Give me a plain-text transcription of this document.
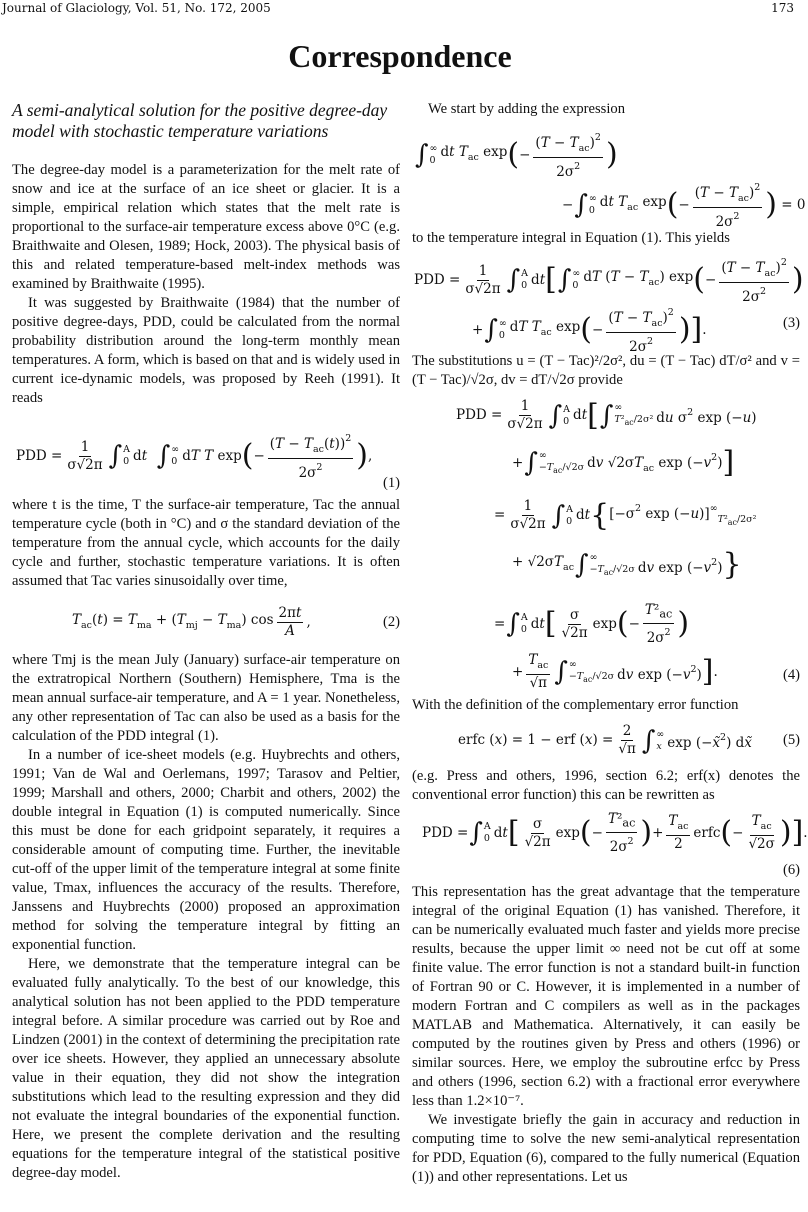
Journal of Glaciology, Vol. 51, No. 172, 2005	173
Correspondence
A semi-analytical solution for the positive degree-day model with stochastic temperature variations

The degree-day model is a parameterization for the melt rate of snow and ice at the surface of an ice sheet or glacier. It is a simple, empirical relation which states that the melt rate is proportional to the surface-air temperature excess above 0°C (e.g. Braithwaite and Olesen, 1989; Hock, 2003). The physical basis of this and related temperature-based melt-index methods was examined by Braithwaite (1995).

It was suggested by Braithwaite (1984) that the number of positive degree-days, PDD, could be calculated from the normal probability distribution around the long-term monthly mean temperatures. A form, which is based on that and is widely used in current ice-dynamic models, was proposed by Reeh (1991). It reads

PDD = $\frac{1}{\sigma√2\pi}$ ∫ A
0 dt ∫ ∞
0 dT T exp ( − $\frac{(T - T_{ac}(t))^2}{2\sigma^2}$ ) ,
(1)

where t is the time, T the surface-air temperature, Tac the annual temperature cycle (both in °C) and σ the standard deviation of the temperature from the annual cycle, which accounts for the daily cycle and further, stochastic temperature variations. It is often assumed that Tac varies sinusoidally over time,

$T_{ac}(t) = T_{ma} + (T_{mj} - T_{ma})$ $\cos \frac{2\pi t}{A}$ ,	(2)

where Tmj is the mean July (January) surface-air temperature on the extratropical Northern (Southern) Hemisphere, Tma is the mean annual surface-air temperature, and A = 1 year. Nonetheless, any other representation of Tac can also be used as a basis for the calculation of the PDD integral (1).

In a number of ice-sheet models (e.g. Huybrechts and others, 1991; Van de Wal and Oerlemans, 1997; Tarasov and Peltier, 1999; Marshall and others, 2000; Charbit and others, 2002) the double integral in Equation (1) is computed numerically. Since this must be done for each gridpoint separately, it requires a considerable amount of computing time. Further, the inevitable cut-off of the upper limit of the temperature integral at some finite value, Tmax, influences the accuracy of the results. Therefore, Janssens and Huybrechts (2000) proposed an approximation method for solving the temperature integral by fitting an exponential function.

Here, we demonstrate that the temperature integral can be evaluated fully analytically. To the best of our knowledge, this analytical solution has not been applied to the PDD temperature integral before. A similar procedure was carried out by Roe and Lindzen (2001) in the context of determining the precipitation rate over ice sheets. However, they applied an unnecessary absolute value in their equation, they did not show the integration substitutions which lead to the resulting expression and they did not evaluate the integral boundaries of the exponential function. Here, we present the complete derivation and the resulting equations for the temperature integral of the statistical positive degree-day model.

We start by adding the expression

∫ ∞
0
dt $T_{ac}$ exp ( − $\frac{(T - T_{ac})^2}{2\sigma^2}$ )
− ∫ ∞
0
dt $T_{ac}$ exp ( − $\frac{(T - T_{ac})^2}{2\sigma^2}$ ) = 0

to the temperature integral in Equation (1). This yields

PDD = $\frac{1}{\sigma√2\pi}$ ∫ A
0 dt [ ∫ ∞
0
dT $(T - T_{ac})$ exp ( − $\frac{(T - T_{ac})^2}{2\sigma^2}$ )
+ ∫ ∞
0
dT $T_{ac}$ exp ( − $\frac{(T - T_{ac})^2}{2\sigma^2}$ )] .	(3)

The substitutions u = (T − Tac)²/2σ², du = (T − Tac) dT/σ² and v = (T − Tac)/√2σ, dv = dT/√2σ provide

PDD = $\frac{1}{\sigma√2\pi}$ ∫ A
0 dt [ ∫ ∞
$T^2_{ac}/2\sigma^2$ du $\sigma^2$ exp (−u)
+ ∫ ∞
$-T_{ac}/√2\sigma$ dv $√2\sigma T_{ac}$ $\exp (-v^2)$ ]
= $\frac{1}{\sigma√2\pi}$ ∫ A
0 dt { [$-\sigma^2$ $\exp (-u)]^\infty_{T^2_{ac}/2\sigma^2}$
+ $√2\sigma T_{ac}$ ∫ ∞
$-T_{ac}/√2\sigma$ dv $\exp (-v^2)$ }
= ∫ A
0 dt [ $\frac{\sigma}{√2\pi}$ exp ( − $\frac{T^2_{ac}}{2\sigma^2}$ )
+ $\frac{T_{ac}}{√\pi}$ ∫ ∞
$-T_{ac}/√2\sigma$ dv $\exp (-v^2)$ ] .	(4)

With the definition of the complementary error function

erfc (x) = 1 − erf $(x) = \frac{2}{√\pi}$ ∫ ∞
x exp (−x̃$^2$) dx̃ (5)

(e.g. Press and others, 1996, section 6.2; erf(x) denotes the conventional error function) this can be rewritten as

PDD = ∫ A
0 dt [ $\frac{\sigma}{√2\pi}$ exp ( − $\frac{T^2_{ac}}{2\sigma^2}$ ) + $\frac{T_{ac}}{2}$ erfc ( − $\frac{T_{ac}}{√2\sigma}$ )] .
(6)

This representation has the great advantage that the temperature integral of the original Equation (1) has vanished. Therefore, it can be numerically evaluated much faster and yields more precise results, because the upper limit ∞ need not be cut off at some finite value. The error function is not a standard built-in function of Fortran 90 or C. However, it is implemented in a number of modern Fortran and C compilers as well as in the packages MATLAB and Mathematica. Alternatively, it can easily be computed by the routines given by Press and others (1996) or similar sources. Here, we employ the subroutine erfcc by Press and others (1996, section 6.2) with a fractional error everywhere less than 1.2×10⁻⁷.

We investigate briefly the gain in accuracy and reduction in computing time to solve the new semi-analytical representation for PDD, Equation (6), compared to the fully numerical (Equation (1)) and other representations. Let us
